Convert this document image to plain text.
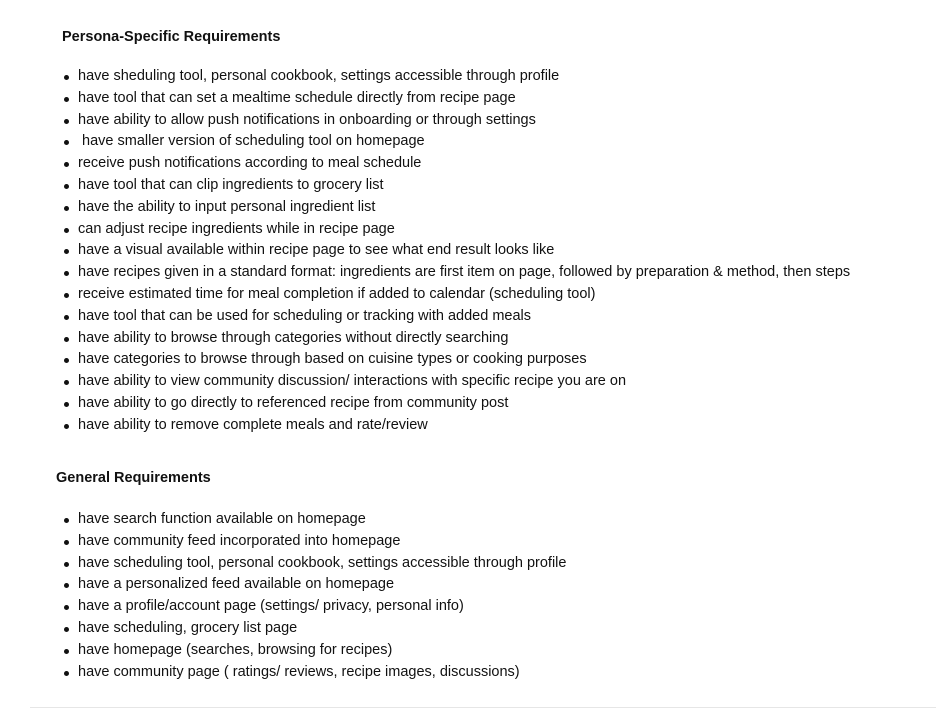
Persona-Specific Requirements
have sheduling tool, personal cookbook, settings accessible through profile
have tool that can set a mealtime schedule directly from recipe page
have ability to allow push notifications in onboarding or through settings
have smaller version of scheduling tool on homepage
receive push notifications according to meal schedule
have tool that can clip ingredients to grocery list
have the ability to input personal ingredient list
can adjust recipe ingredients while in recipe page
have a visual available within recipe page to see what end result looks like
have recipes given in a standard format: ingredients are first item on page, followed by preparation & method, then steps
receive estimated time for meal completion if added to calendar (scheduling tool)
have tool that can be used for scheduling or tracking with added meals
have ability to browse through categories without directly searching
have categories to browse through based on cuisine types or cooking purposes
have ability to view community discussion/ interactions with specific recipe you are on
have ability to go directly to referenced recipe from community post
have ability to remove complete meals and rate/review
General Requirements
have search function available on homepage
have community feed incorporated into homepage
have scheduling tool, personal cookbook, settings accessible through profile
have a personalized feed available on homepage
have a profile/account page (settings/ privacy, personal info)
have scheduling, grocery list page
have homepage (searches, browsing for recipes)
have community page ( ratings/ reviews, recipe images, discussions)
